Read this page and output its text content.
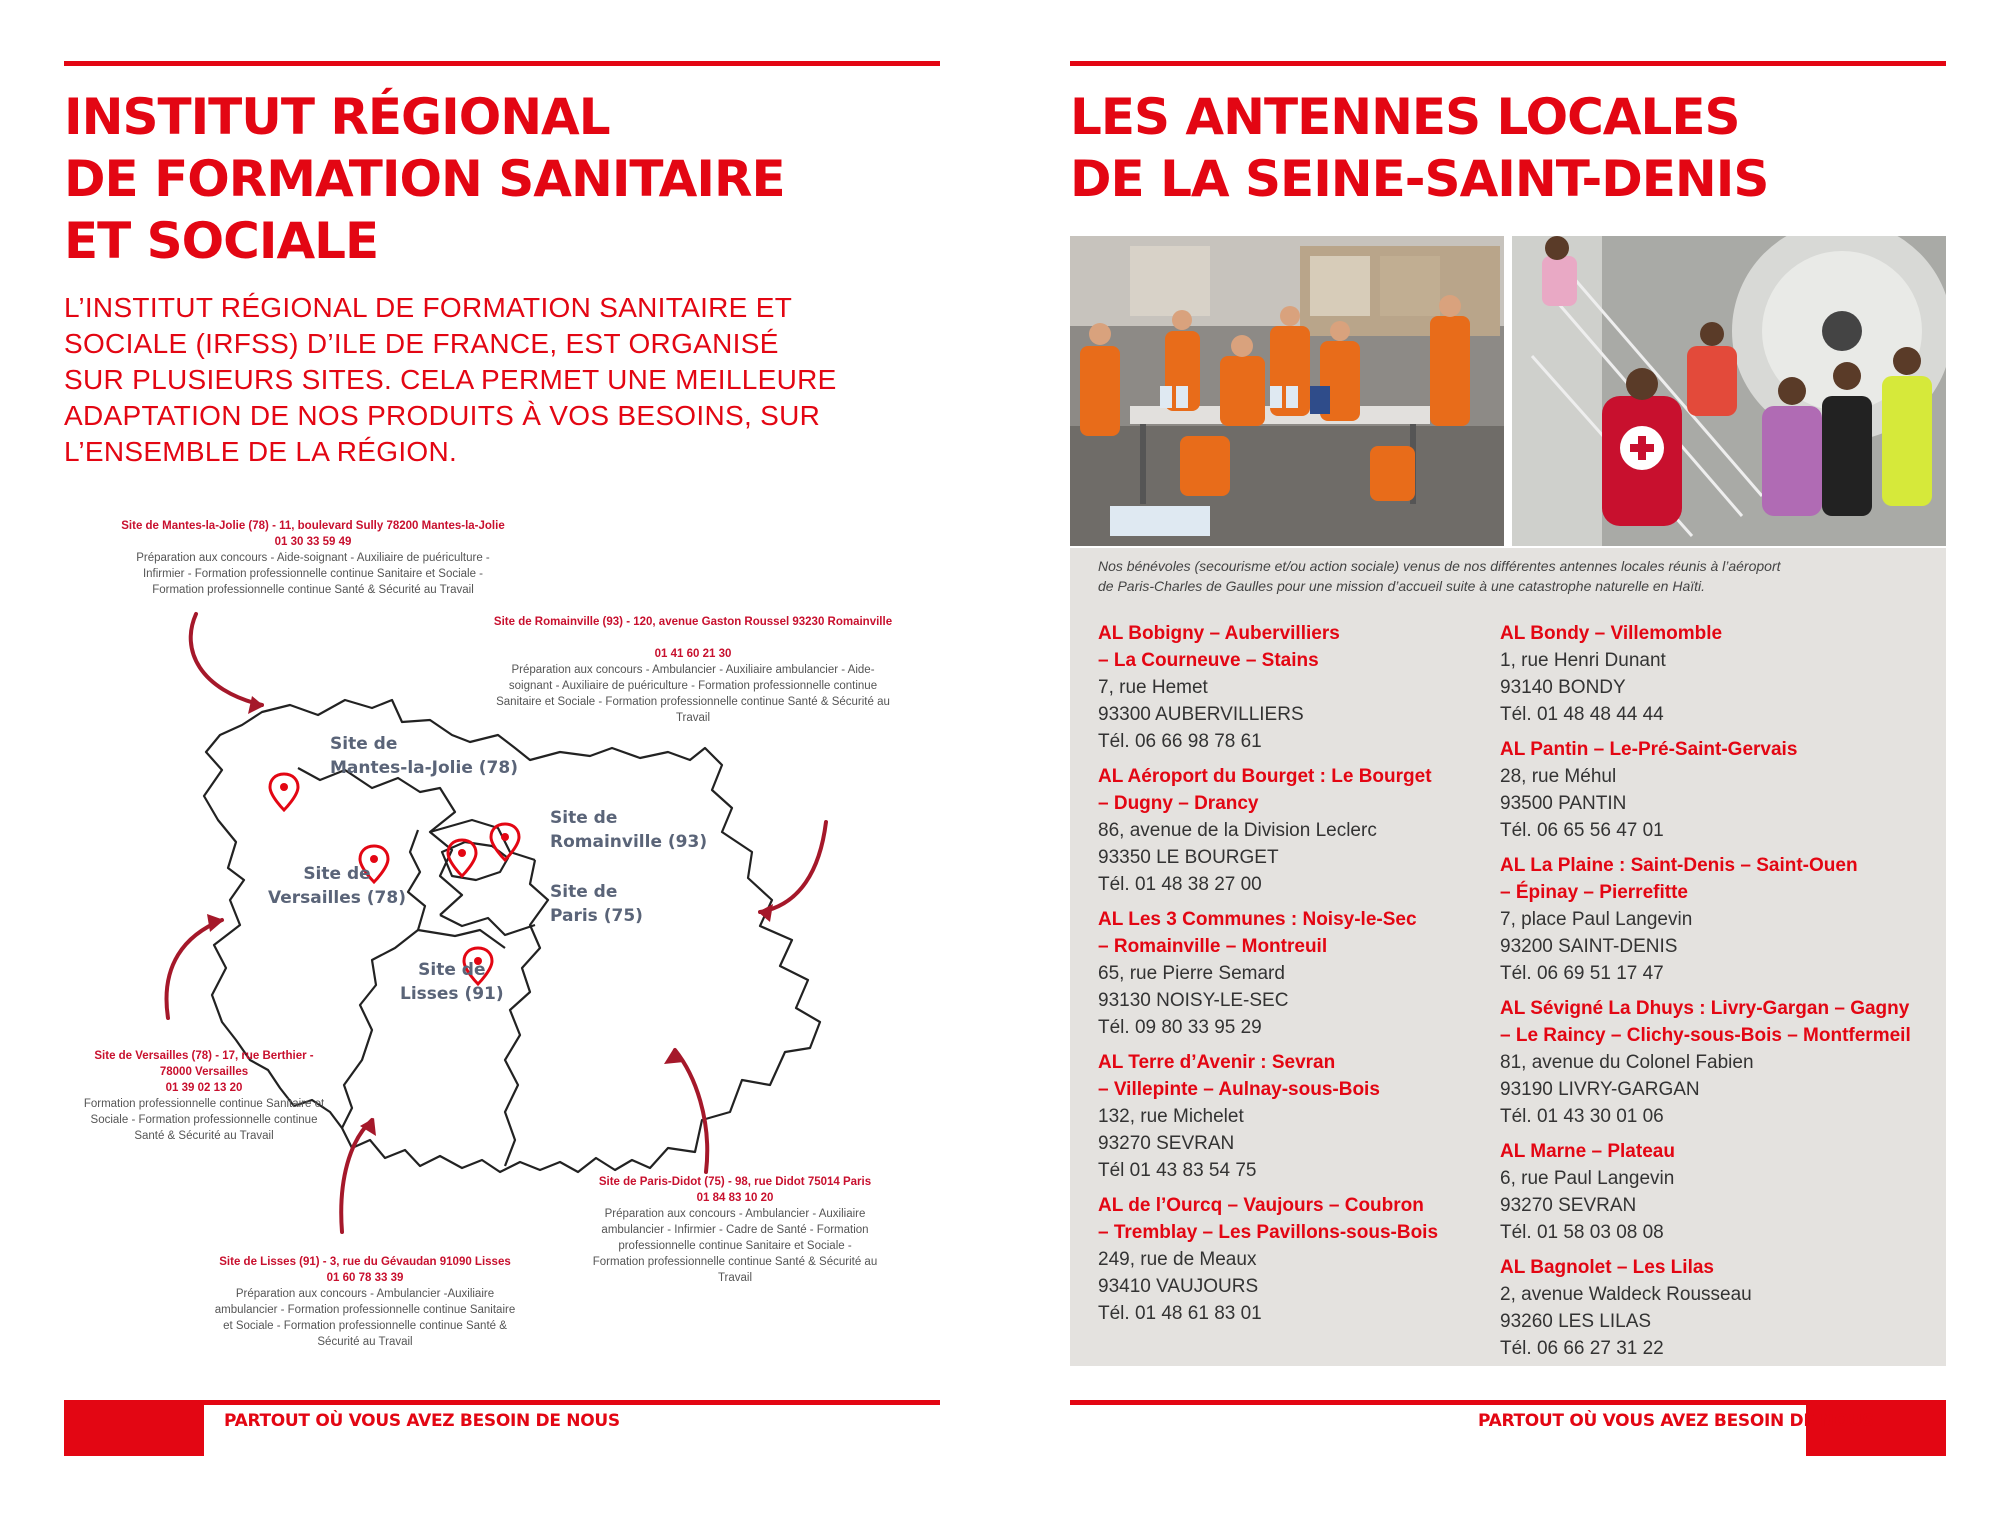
INSTITUT RÉGIONAL
DE FORMATION SANITAIRE
ET SOCIALE

L’INSTITUT RÉGIONAL DE FORMATION SANITAIRE ET
SOCIALE (IRFSS) D’ILE DE FRANCE, EST ORGANISÉ
SUR PLUSIEURS SITES. CELA PERMET UNE MEILLEURE
ADAPTATION DE NOS PRODUITS À VOS BESOINS, SUR
L’ENSEMBLE DE LA RÉGION.

Site de
Mantes-la-Jolie (78)
Site de
Versailles (78)
Site de
Romainville (93)
Site de
Paris (75)
Site de
Lisses (91)
Site de Mantes-la-Jolie (78) - 11, boulevard Sully 78200 Mantes-la-Jolie
01 30 33 59 49
Préparation aux concours - Aide-soignant - Auxiliaire de puériculture -
Infirmier - Formation professionnelle continue Sanitaire et Sociale -
Formation professionnelle continue Santé & Sécurité au Travail
Site de Romainville (93) - 120, avenue Gaston Roussel 93230 Romainville
01 41 60 21 30
Préparation aux concours - Ambulancier - Auxiliaire ambulancier - Aide-
soignant - Auxiliaire de puériculture - Formation professionnelle continue
Sanitaire et Sociale - Formation professionnelle continue Santé & Sécurité au
Travail
Site de Versailles (78) - 17, rue Berthier -
78000 Versailles
01 39 02 13 20
Formation professionnelle continue Sanitaire et
Sociale - Formation professionnelle continue
Santé & Sécurité au Travail
Site de Paris-Didot (75) - 98, rue Didot 75014 Paris
01 84 83 10 20
Préparation aux concours - Ambulancier - Auxiliaire
ambulancier - Infirmier - Cadre de Santé - Formation
professionnelle continue Sanitaire et Sociale -
Formation professionnelle continue Santé & Sécurité au
Travail
Site de Lisses (91) - 3, rue du Gévaudan 91090 Lisses
01 60 78 33 39
Préparation aux concours - Ambulancier -Auxiliaire
ambulancier - Formation professionnelle continue Sanitaire
et Sociale - Formation professionnelle continue Santé &
Sécurité au Travail
PARTOUT OÙ VOUS AVEZ BESOIN DE NOUS
LES ANTENNES LOCALES
DE LA SEINE-SAINT-DENIS

Nos bénévoles (secourisme et/ou action sociale) venus de nos différentes antennes locales réunis à l’aéroport
de Paris-Charles de Gaulles pour une mission d’accueil suite à une catastrophe naturelle en Haïti.

AL Bobigny – Aubervilliers
– La Courneuve – Stains
7, rue Hemet
93300 AUBERVILLIERS
Tél. 06 66 98 78 61
AL Aéroport du Bourget : Le Bourget
– Dugny – Drancy
86, avenue de la Division Leclerc
93350 LE BOURGET
Tél. 01 48 38 27 00
AL Les 3 Communes : Noisy-le-Sec
– Romainville – Montreuil
65, rue Pierre Semard
93130 NOISY-LE-SEC
Tél. 09 80 33 95 29
AL Terre d’Avenir : Sevran
– Villepinte – Aulnay-sous-Bois
132, rue Michelet
93270 SEVRAN
Tél 01 43 83 54 75
AL de l’Ourcq – Vaujours – Coubron
– Tremblay – Les Pavillons-sous-Bois
249, rue de Meaux
93410 VAUJOURS
Tél. 01 48 61 83 01
AL Bondy – Villemomble
1, rue Henri Dunant
93140 BONDY
Tél. 01 48 48 44 44
AL Pantin – Le-Pré-Saint-Gervais
28, rue Méhul
93500 PANTIN
Tél. 06 65 56 47 01
AL La Plaine : Saint-Denis – Saint-Ouen
– Épinay – Pierrefitte
7, place Paul Langevin
93200 SAINT-DENIS
Tél. 06 69 51 17 47
AL Sévigné La Dhuys : Livry-Gargan – Gagny
– Le Raincy – Clichy-sous-Bois – Montfermeil
81, avenue du Colonel Fabien
93190 LIVRY-GARGAN
Tél. 01 43 30 01 06
AL Marne – Plateau
6, rue Paul Langevin
93270 SEVRAN
Tél. 01 58 03 08 08
AL Bagnolet – Les Lilas
2, avenue Waldeck Rousseau
93260 LES LILAS
Tél. 06 66 27 31 22
PARTOUT OÙ VOUS AVEZ BESOIN DE NOUS
